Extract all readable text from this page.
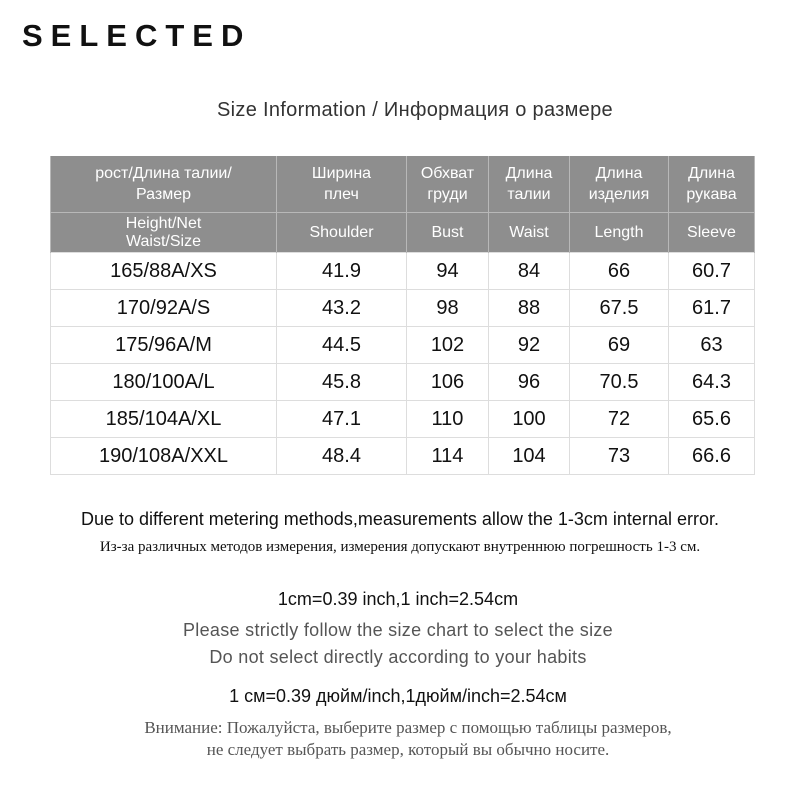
SELECTED
Size Information / Информация о размере
рост/Длина талии/Размер	Ширина плеч	Обхват груди	Длина талии	Длина изделия	Длина рукава
Height/Net Waist/Size	Shoulder	Bust	Waist	Length	Sleeve
165/88A/XS	41.9	94	84	66	60.7
170/92A/S	43.2	98	88	67.5	61.7
175/96A/M	44.5	102	92	69	63
180/100A/L	45.8	106	96	70.5	64.3
185/104A/XL	47.1	110	100	72	65.6
190/108A/XXL	48.4	114	104	73	66.6
Due to different metering methods,measurements allow the 1-3cm internal error.
Из-за различных методов измерения, измерения допускают внутреннюю погрешность 1-3 см.
1cm=0.39 inch,1 inch=2.54cm
Please strictly follow the size chart to select the size
Do not select directly according to your habits
1 см=0.39 дюйм/inch,1дюйм/inch=2.54см
Внимание: Пожалуйста, выберите размер с помощью таблицы размеров,
не следует выбрать размер, который вы обычно носите.
